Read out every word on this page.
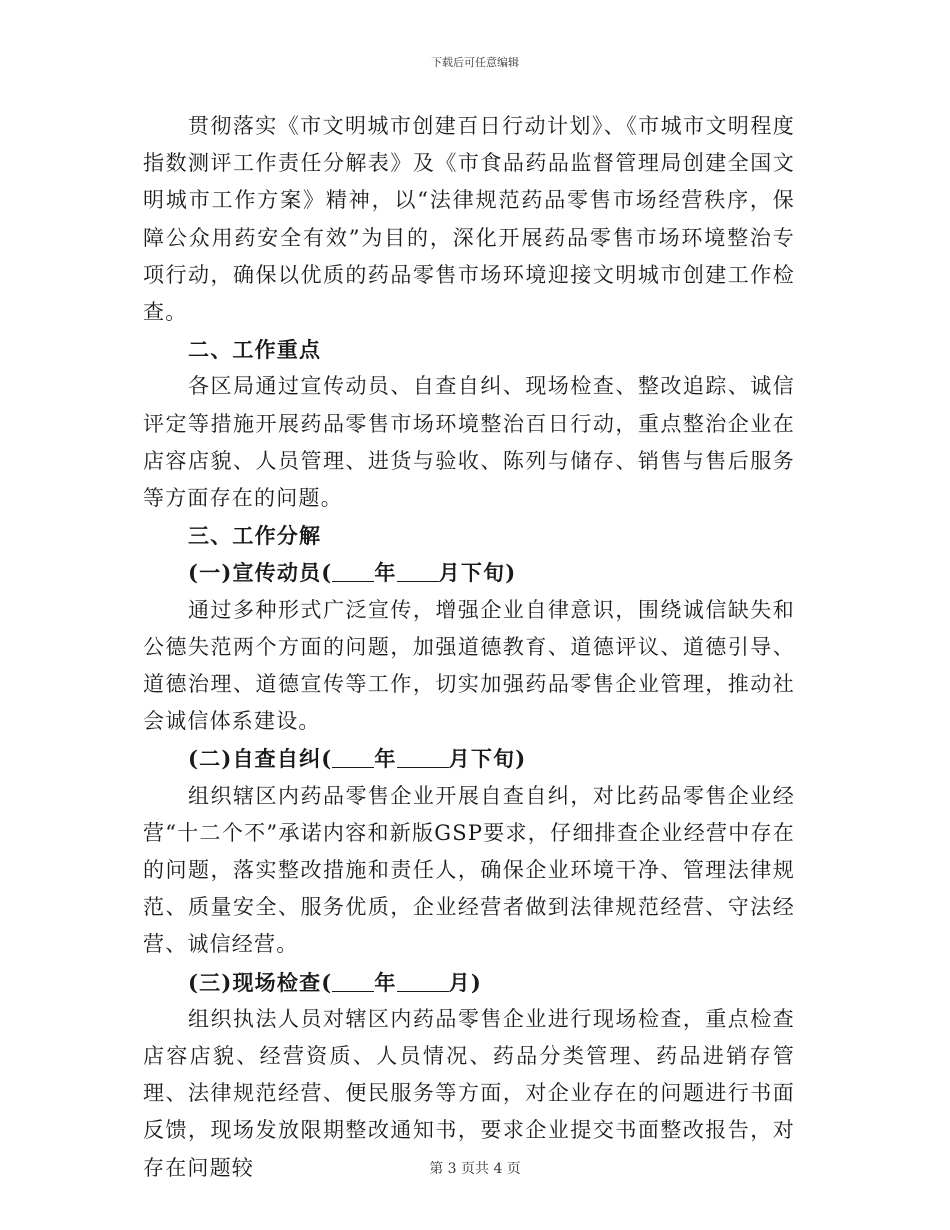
下载后可任意编辑

贯彻落实《市文明城市创建百日行动计划》、《市城市文明程度指数测评工作责任分解表》及《市食品药品监督管理局创建全国文明城市工作方案》精神，以“法律规范药品零售市场经营秩序，保障公众用药安全有效”为目的，深化开展药品零售市场环境整治专项行动，确保以优质的药品零售市场环境迎接文明城市创建工作检查。

二、工作重点

各区局通过宣传动员、自查自纠、现场检查、整改追踪、诚信评定等措施开展药品零售市场环境整治百日行动，重点整治企业在店容店貌、人员管理、进货与验收、陈列与储存、销售与售后服务等方面存在的问题。

三、工作分解

(一)宣传动员( 年 月下旬)

通过多种形式广泛宣传，增强企业自律意识，围绕诚信缺失和公德失范两个方面的问题，加强道德教育、道德评议、道德引导、道德治理、道德宣传等工作，切实加强药品零售企业管理，推动社会诚信体系建设。

(二)自查自纠( 年 月下旬)

组织辖区内药品零售企业开展自查自纠，对比药品零售企业经营“十二个不”承诺内容和新版GSP要求，仔细排查企业经营中存在的问题，落实整改措施和责任人，确保企业环境干净、管理法律规范、质量安全、服务优质，企业经营者做到法律规范经营、守法经营、诚信经营。

(三)现场检查( 年 月)

组织执法人员对辖区内药品零售企业进行现场检查，重点检查店容店貌、经营资质、人员情况、药品分类管理、药品进销存管理、法律规范经营、便民服务等方面，对企业存在的问题进行书面反馈，现场发放限期整改通知书，要求企业提交书面整改报告，对存在问题较	第 3 页共 4 页
